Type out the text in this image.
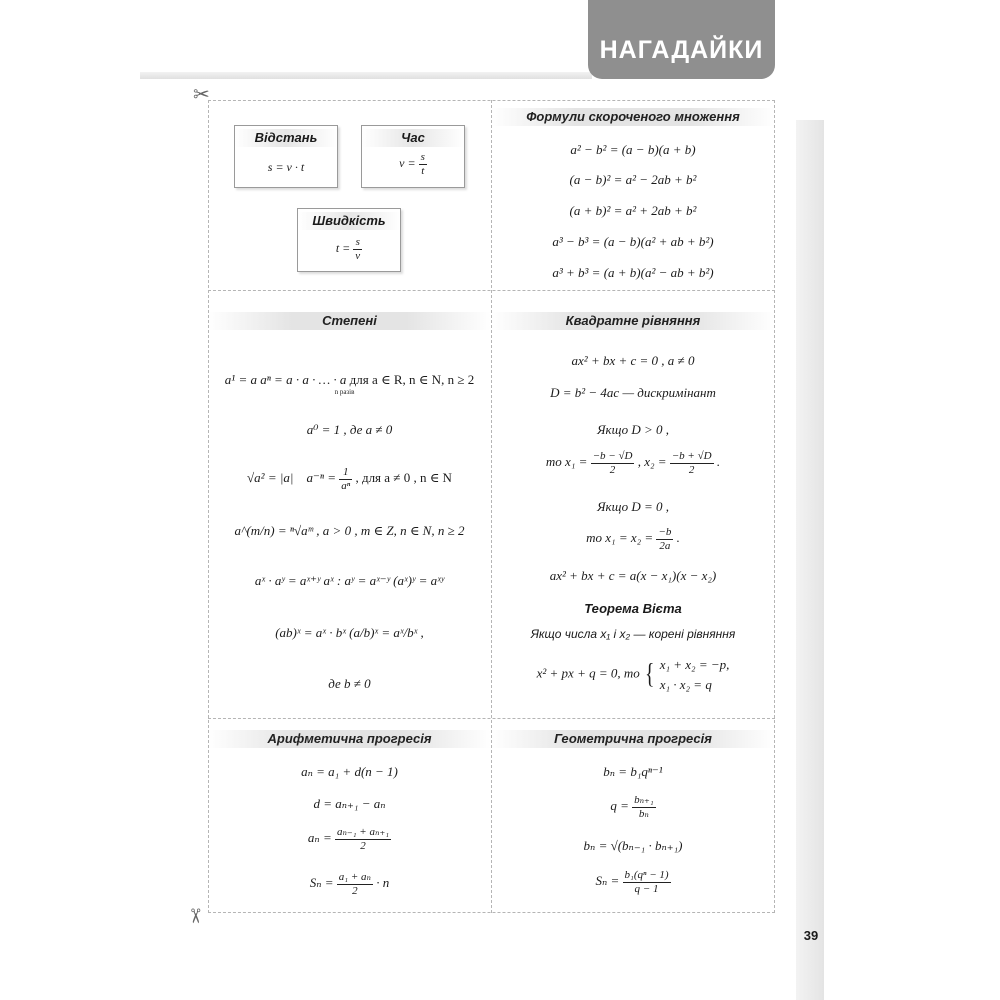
НАГАДАЙКИ
39
✂
✂
Відстань
s = v · t
Час
$v = \frac{s}{t}$
Швидкість
$t = \frac{s}{v}$
Формули скороченого множення
a² − b² = (a − b)(a + b)
(a − b)² = a² − 2ab + b²
(a + b)² = a² + 2ab + b²
a³ − b³ = (a − b)(a² + ab + b²)
a³ + b³ = (a + b)(a² − ab + b²)
Степені
a¹ = a aⁿ = a · a · … · a для a ∈ R, n ∈ N, n ≥ 2
n разів
a⁰ = 1 , де a ≠ 0
√a² = |a| $a^{-n} = \frac{1}{\text{aⁿ}}$ , для a ≠ 0 , n ∈ N
a^(m/n) = ⁿ√aᵐ , a > 0 , m ∈ Z, n ∈ N, n ≥ 2
aˣ · aʸ = aˣ⁺ʸ aˣ : aʸ = aˣ⁻ʸ (aˣ)ʸ = aˣʸ
(ab)ˣ = aˣ · bˣ (a/b)ˣ = aˣ/bˣ ,
де b ≠ 0
Квадратне рівняння
ax² + bx + c = 0 , a ≠ 0
D = b² − 4ac — дискримінант
Якщо D > 0 ,
то $x_1 = \frac{-b - √D}{2}$ , $x_2 = \frac{-b + √D}{2}$ .
Якщо D = 0 ,
то $x_1 = x_2 = \frac{-b}{2a}$ .
ax² + bx + c = a(x − x₁)(x − x₂)
Теорема Вієта
Якщо числа x₁ і x₂ — корені рівняння
x² + px + q = 0, то { x₁ + x₂ = −p,
x₁ · x₂ = q
Арифметична прогресія
aₙ = a₁ + d(n − 1)
d = aₙ₊₁ − aₙ
$a_n = \frac{\text{aₙ₋₁ + aₙ₊₁}}{2}$
$S_n = \frac{\text{a₁ + aₙ}}{2} \cdot n$
Геометрична прогресія
bₙ = b₁qⁿ⁻¹
$q = \frac{\text{bₙ₊₁}}{\text{bₙ}}$
bₙ = √(bₙ₋₁ · bₙ₊₁)
$S_n = \frac{\text{b₁(qⁿ − 1)}}{q - 1}$
